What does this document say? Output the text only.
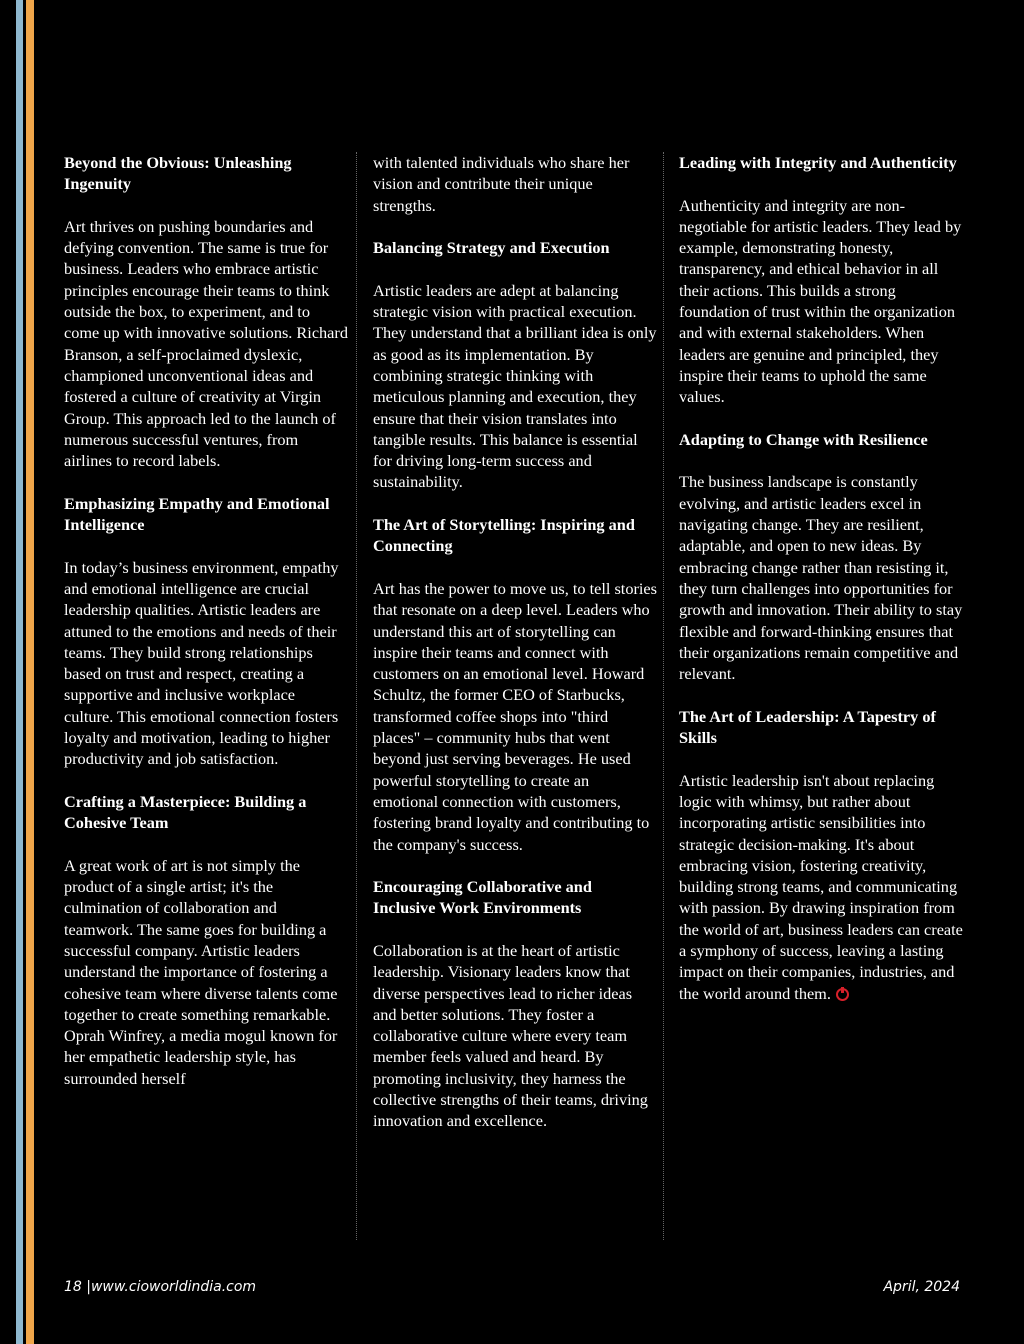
Beyond the Obvious: Unleashing Ingenuity

Art thrives on pushing boundaries and defying convention. The same is true for business. Leaders who embrace artistic principles encourage their teams to think outside the box, to experiment, and to come up with innovative solutions. Richard Branson, a self-proclaimed dyslexic, championed unconventional ideas and fostered a culture of creativity at Virgin Group. This approach led to the launch of numerous successful ventures, from airlines to record labels.

Emphasizing Empathy and Emotional Intelligence

In today’s business environment, empathy and emotional intelligence are crucial leadership qualities. Artistic leaders are attuned to the emotions and needs of their teams. They build strong relationships based on trust and respect, creating a supportive and inclusive workplace culture. This emotional connection fosters loyalty and motivation, leading to higher productivity and job satisfaction.

Crafting a Masterpiece: Building a Cohesive Team

A great work of art is not simply the product of a single artist; it's the culmination of collaboration and teamwork. The same goes for building a successful company. Artistic leaders understand the importance of fostering a cohesive team where diverse talents come together to create something remarkable. Oprah Winfrey, a media mogul known for her empathetic leadership style, has surrounded herself

with talented individuals who share her vision and contribute their unique strengths.

Balancing Strategy and Execution

Artistic leaders are adept at balancing strategic vision with practical execution. They understand that a brilliant idea is only as good as its implementation. By combining strategic thinking with meticulous planning and execution, they ensure that their vision translates into tangible results. This balance is essential for driving long-term success and sustainability.

The Art of Storytelling: Inspiring and Connecting

Art has the power to move us, to tell stories that resonate on a deep level. Leaders who understand this art of storytelling can inspire their teams and connect with customers on an emotional level. Howard Schultz, the former CEO of Starbucks, transformed coffee shops into "third places" – community hubs that went beyond just serving beverages. He used powerful storytelling to create an emotional connection with customers, fostering brand loyalty and contributing to the company's success.

Encouraging Collaborative and Inclusive Work Environments

Collaboration is at the heart of artistic leadership. Visionary leaders know that diverse perspectives lead to richer ideas and better solutions. They foster a collaborative culture where every team member feels valued and heard. By promoting inclusivity, they harness the collective strengths of their teams, driving innovation and excellence.

Leading with Integrity and Authenticity

Authenticity and integrity are non-negotiable for artistic leaders. They lead by example, demonstrating honesty, transparency, and ethical behavior in all their actions. This builds a strong foundation of trust within the organization and with external stakeholders. When leaders are genuine and principled, they inspire their teams to uphold the same values.

Adapting to Change with Resilience

The business landscape is constantly evolving, and artistic leaders excel in navigating change. They are resilient, adaptable, and open to new ideas. By embracing change rather than resisting it, they turn challenges into opportunities for growth and innovation. Their ability to stay flexible and forward-thinking ensures that their organizations remain competitive and relevant.

The Art of Leadership: A Tapestry of Skills

Artistic leadership isn't about replacing logic with whimsy, but rather about incorporating artistic sensibilities into strategic decision-making. It's about embracing vision, fostering creativity, building strong teams, and communicating with passion. By drawing inspiration from the world of art, business leaders can create a symphony of success, leaving a lasting impact on their companies, industries, and the world around them.

18 |www.cioworldindia.com	April, 2024
